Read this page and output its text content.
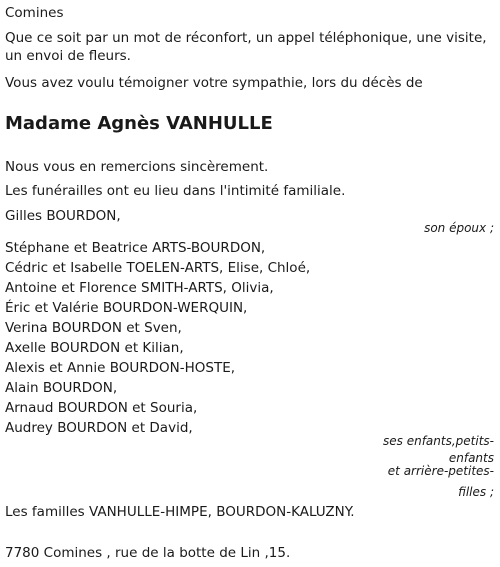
Comines
Que ce soit par un mot de réconfort, un appel téléphonique, une visite,
un envoi de fleurs.
Vous avez voulu témoigner votre sympathie, lors du décès de
Madame Agnès VANHULLE
Nous vous en remercions sincèrement.
Les funérailles ont eu lieu dans l'intimité familiale.
Gilles BOURDON,
son époux ;
Stéphane et Beatrice ARTS-BOURDON,
Cédric et Isabelle TOELEN-ARTS, Elise, Chloé,
Antoine et Florence SMITH-ARTS, Olivia,
Éric et Valérie BOURDON-WERQUIN,
Verina BOURDON et Sven,
Axelle BOURDON et Kilian,
Alexis et Annie BOURDON-HOSTE,
Alain BOURDON,
Arnaud BOURDON et Souria,
Audrey BOURDON et David,
ses enfants,petits-
enfants
et arrière-petites-
filles ;
Les familles VANHULLE-HIMPE, BOURDON-KALUZNY.
7780 Comines , rue de la botte de Lin ,15.
